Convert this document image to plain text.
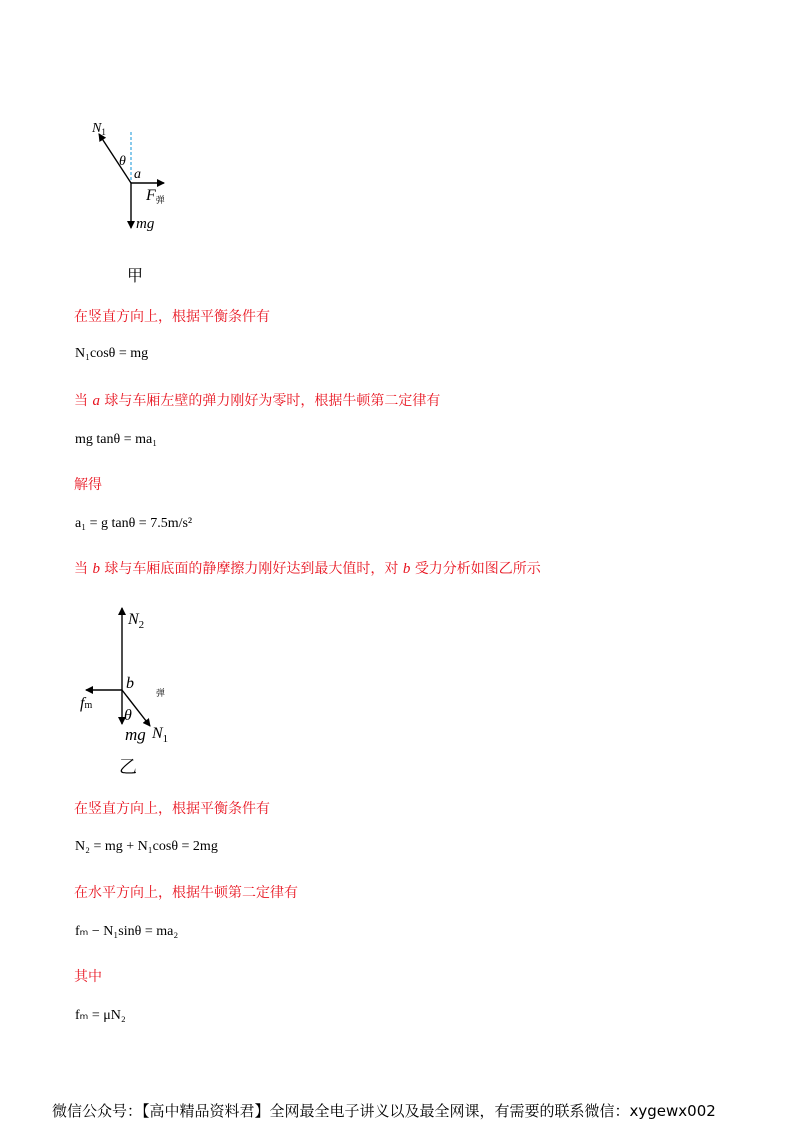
$N_1$
θ
a
F弹
mg
甲
在竖直方向上，根据平衡条件有
N₁cosθ = mg
当 a 球与车厢左壁的弹力刚好为零时，根据牛顿第二定律有
mg tanθ = ma₁
解得
a₁ = g tanθ = 7.5m/s²
当 b 球与车厢底面的静摩擦力刚好达到最大值时，对 b 受力分析如图乙所示
$N_2$
b
fm
弹
θ
mg $N_1$
乙
在竖直方向上，根据平衡条件有
N₂ = mg + N₁cosθ = 2mg
在水平方向上，根据牛顿第二定律有
fₘ − N₁sinθ = ma₂
其中
fₘ = μN₂
微信公众号：【高中精品资料君】全网最全电子讲义以及最全网课，有需要的联系微信：xygewx002
